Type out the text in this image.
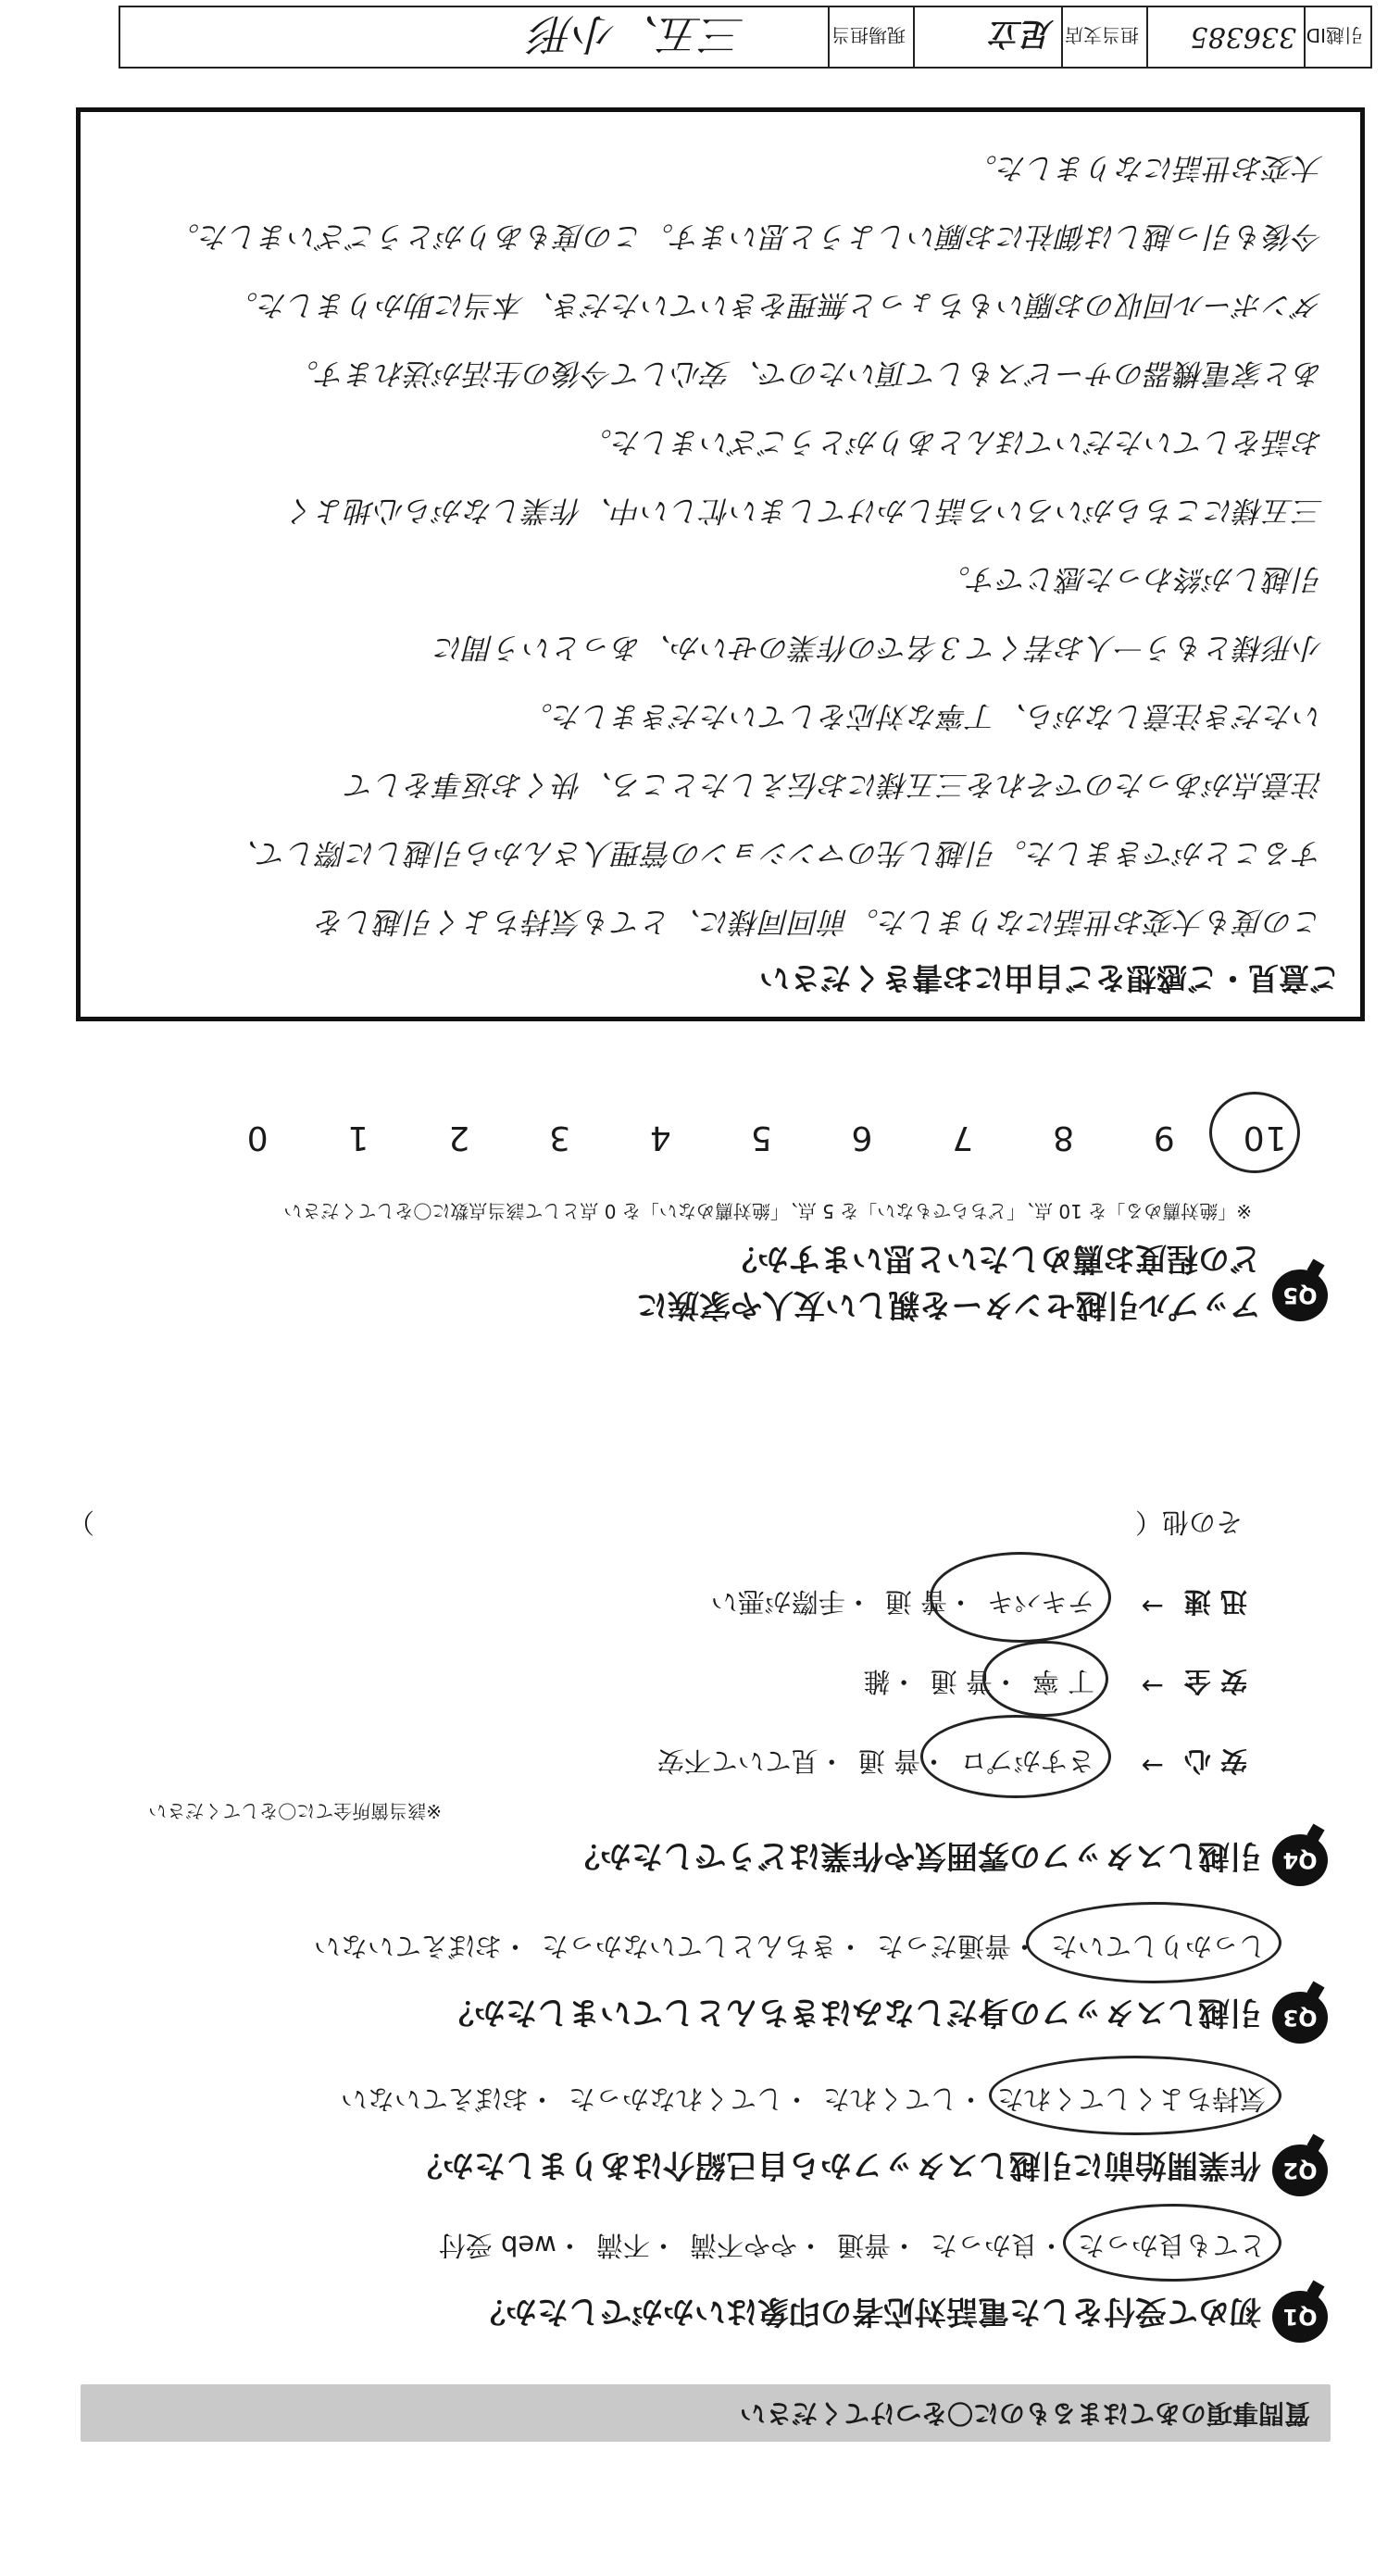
質問事項のあてはまるものに〇をつけてください
Q1
初めて受付をした電話対応者の印象はいかがでしたか？
とても良かった・良かった・普通・やや不満・不満・web 受付
Q2
作業開始前に引越しスタッフから自己紹介はありましたか？
気持ちよくしてくれた・してくれた・してくれなかった・おぼえていない
Q3
引越しスタッフの身だしなみはきちんとしていましたか？
しっかりしていた・普通だった・きちんとしていなかった・おぼえていない
Q4
引越しスタッフの雰囲気や作業はどうでしたか？
※該当箇所全てに〇をしてください
安 心
→
さすがプロ・普 通・見ていて不安
安 全
→
丁 寧・普 通・雑
迅 速
→
テキパキ・普 通・手際が悪い
その他（
）
Q5
アップル引越センターを親しい友人や家族に
どの程度お薦めしたいと思いますか？
※「絶対薦める」を 10 点、「どちらでもない」を 5 点、「絶対薦めない」を 0 点として該当点数に〇をしてください
109876543210
ご意見・ご感想をご自由にお書きください
この度も大変お世話になりました。前回同様に、とても気持ちよく引越しを
することができました。引越し先のマンションの管理人さんから引越しに際して、
注意点があったのでそれを三五様にお伝えしたところ、快くお返事をして
いただき注意しながら、丁寧な対応をしていただきました。
小形様ともう一人お若くて３名での作業のせいか、あっという間に
引越しが終わった感じです。
三五様にこちらがいろいろ話しかけてしまい忙しい中、作業しながら心地よく
お話をしていただいてほんとありがとうございました。
あと家電機器のサービスもして頂いたので、安心して今後の生活が送れます。
ダンボール回収のお願いもちょっと無理をきいていただき、本当に助かりました。
今後も引っ越しは御社にお願いしようと思います。この度もありがとうございました。
大変お世話になりました。
引越ID
336385
担当支店
足立
現場担当
三五、小形
